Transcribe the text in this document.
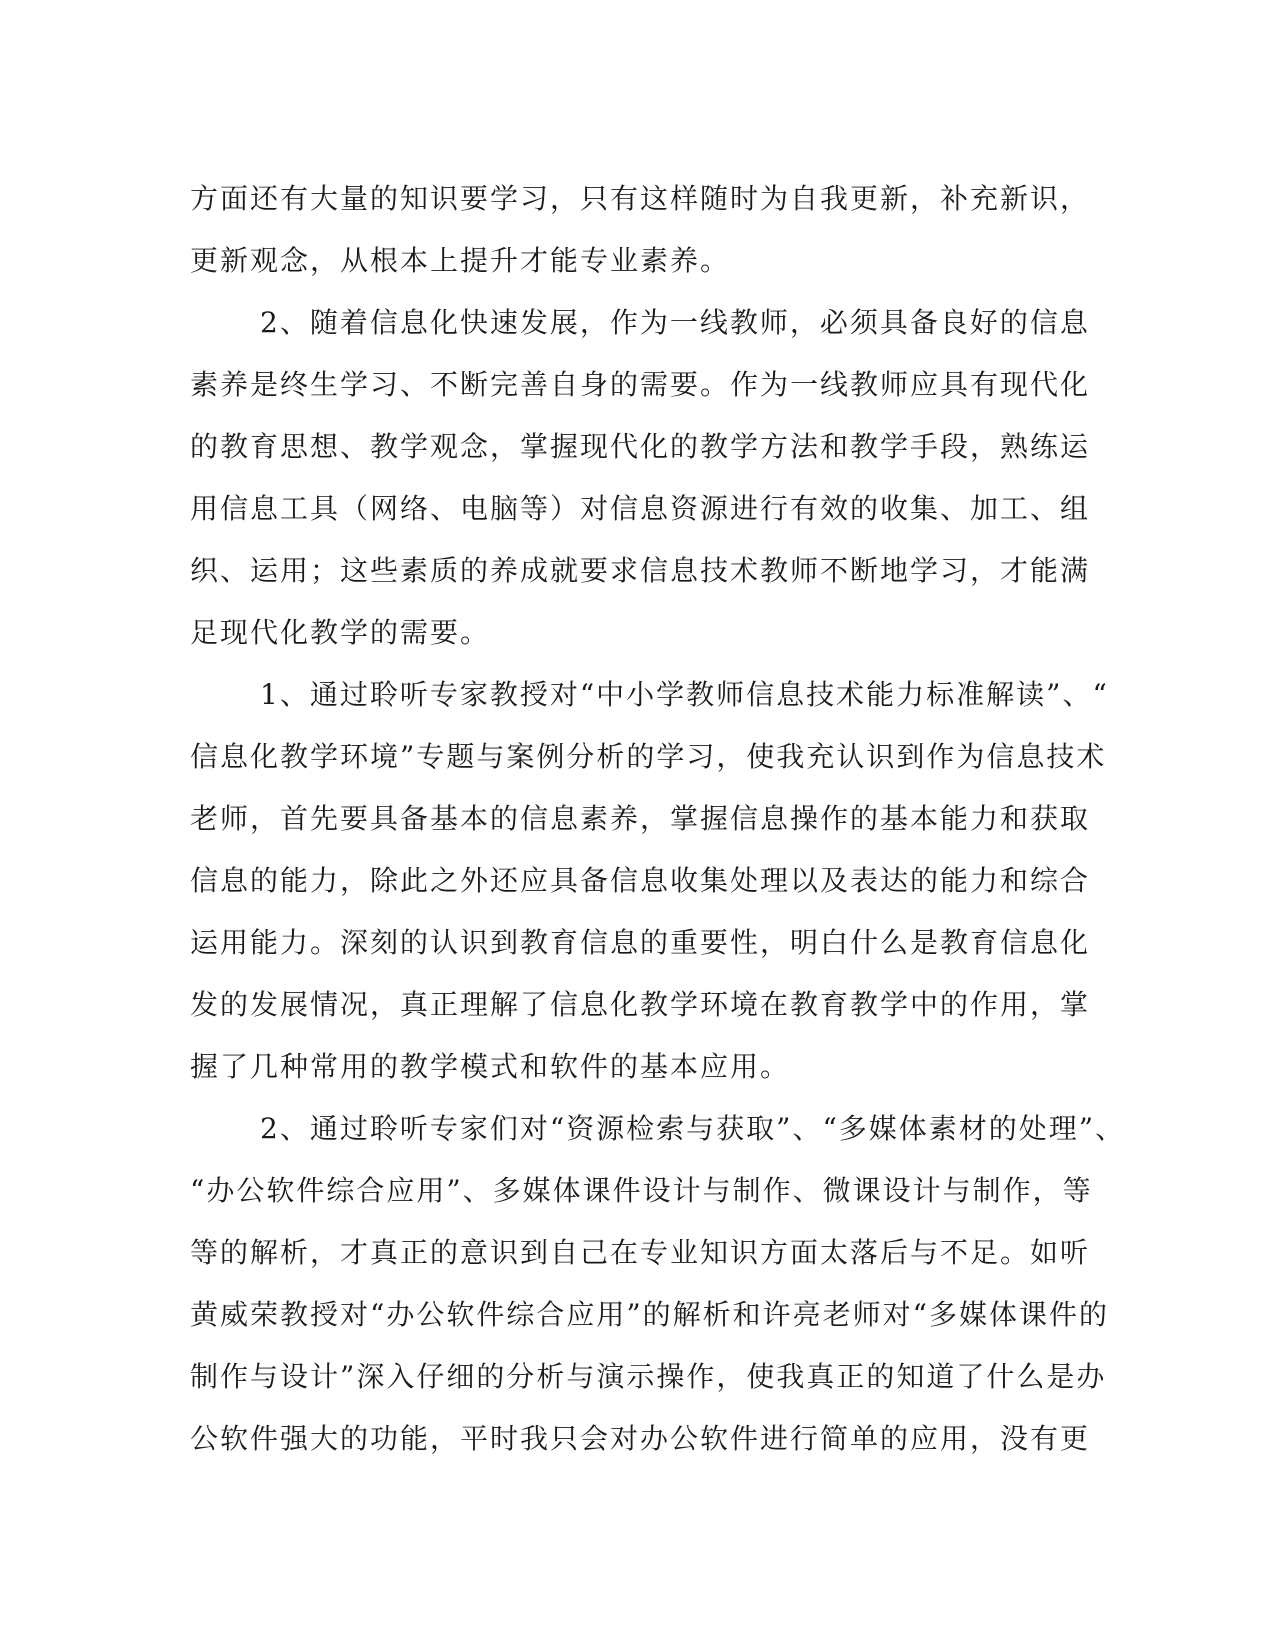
方面还有大量的知识要学习，只有这样随时为自我更新，补充新识，
更新观念，从根本上提升才能专业素养。

2、随着信息化快速发展，作为一线教师，必须具备良好的信息
素养是终生学习、不断完善自身的需要。作为一线教师应具有现代化
的教育思想、教学观念，掌握现代化的教学方法和教学手段，熟练运
用信息工具（网络、电脑等）对信息资源进行有效的收集、加工、组
织、运用；这些素质的养成就要求信息技术教师不断地学习，才能满
足现代化教学的需要。

1、通过聆听专家教授对“中小学教师信息技术能力标准解读”、“
信息化教学环境”专题与案例分析的学习，使我充认识到作为信息技术
老师，首先要具备基本的信息素养，掌握信息操作的基本能力和获取
信息的能力，除此之外还应具备信息收集处理以及表达的能力和综合
运用能力。深刻的认识到教育信息的重要性，明白什么是教育信息化
发的发展情况，真正理解了信息化教学环境在教育教学中的作用，掌
握了几种常用的教学模式和软件的基本应用。

2、通过聆听专家们对“资源检索与获取”、“多媒体素材的处理”、
“办公软件综合应用”、多媒体课件设计与制作、微课设计与制作，等
等的解析，才真正的意识到自己在专业知识方面太落后与不足。如听
黄威荣教授对“办公软件综合应用”的解析和许亮老师对“多媒体课件的
制作与设计”深入仔细的分析与演示操作，使我真正的知道了什么是办
公软件强大的功能，平时我只会对办公软件进行简单的应用，没有更
